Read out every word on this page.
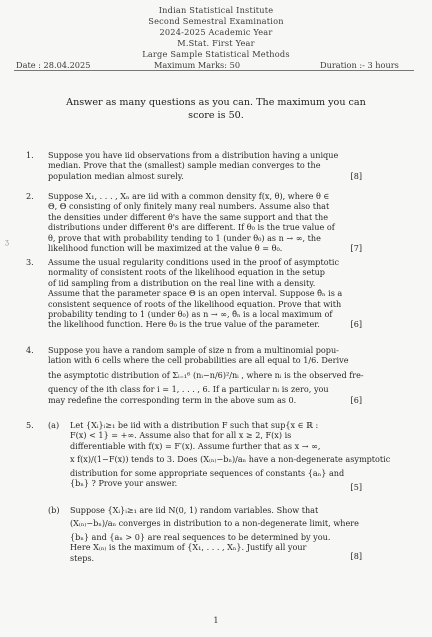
Indian Statistical Institute
Second Semestral Examination
2024-2025 Academic Year
M.Stat. First Year
Large Sample Statistical Methods
Date : 28.04.2025	Maximum Marks: 50	Duration :- 3 hours
Answer as many questions as you can. The maximum you can
score is 50.
ʒ
1. Suppose you have iid observations from a distribution having a unique
median. Prove that the (smallest) sample median converges to the
population median almost surely.	[8]
2. Suppose X₁, . . . , Xₙ are iid with a common density f(x, θ), where θ ∈
Θ, Θ consisting of only finitely many real numbers. Assume also that
the densities under different θ's have the same support and that the
distributions under different θ's are different. If θ₀ is the true value of
θ, prove that with probability tending to 1 (under θ₀) as n → ∞, the
likelihood function will be maximized at the value θ = θ₀.	[7]
3. Assume the usual regularity conditions used in the proof of asymptotic
normality of consistent roots of the likelihood equation in the setup
of iid sampling from a distribution on the real line with a density.
Assume that the parameter space Θ is an open interval. Suppose θ̂ₙ is a
consistent sequence of roots of the likelihood equation. Prove that with
probability tending to 1 (under θ₀) as n → ∞, θ̂ₙ is a local maximum of
the likelihood function. Here θ₀ is the true value of the parameter.	[6]
4. Suppose you have a random sample of size n from a multinomial popu-
lation with 6 cells where the cell probabilities are all equal to 1/6. Derive
the asymptotic distribution of Σᵢ₌₁⁶ (nᵢ−n/6)²/nᵢ , where nᵢ is the observed fre-
quency of the ith class for i = 1, . . . , 6. If a particular nᵢ is zero, you
may redefine the corresponding term in the above sum as 0.	[6]
5. (a) Let {Xᵢ}ᵢ≥₁ be iid with a distribution F such that sup{x ∈ ℝ :
F(x) < 1} = +∞. Assume also that for all x ≥ 2, F(x) is
differentiable with f(x) = F′(x). Assume further that as x → ∞,
x f(x)/(1−F(x)) tends to 3. Does (X₍ₙ₎−bₙ)/aₙ have a non-degenerate asymptotic
distribution for some appropriate sequences of constants {aₙ} and
{bₙ} ? Prove your answer.	[5]
(b) Suppose {Xᵢ}ᵢ≥₁ are iid N(0, 1) random variables. Show that
(X₍ₙ₎−bₙ)/aₙ converges in distribution to a non-degenerate limit, where
{bₙ} and {aₙ > 0} are real sequences to be determined by you.
Here X₍ₙ₎ is the maximum of {X₁, . . . , Xₙ}. Justify all your
steps.	[8]
1
